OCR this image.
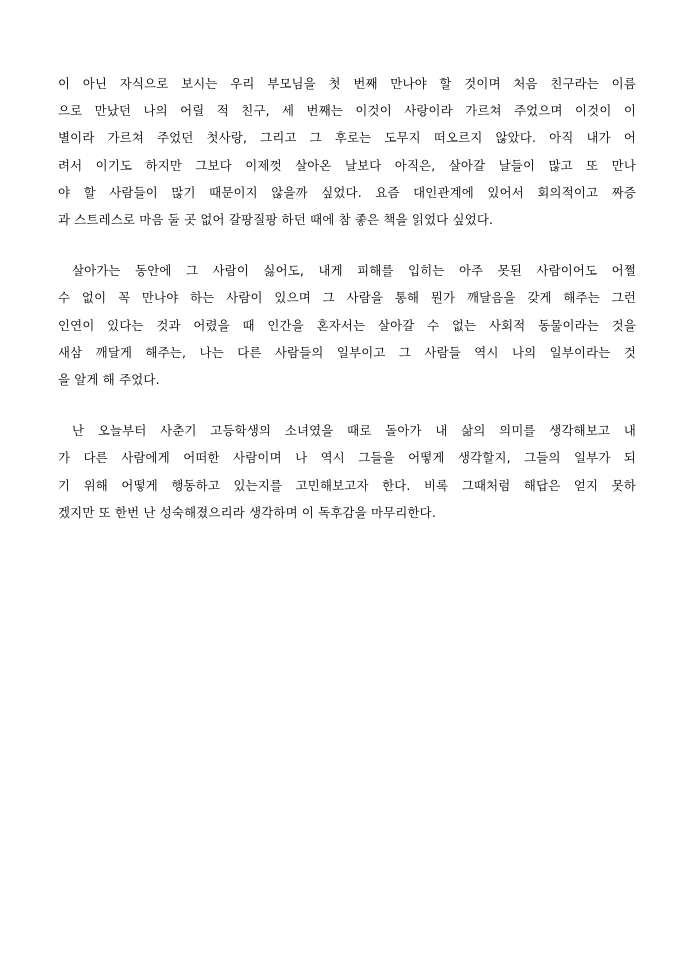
이 아닌 자식으로 보시는 우리 부모님을 첫 번째 만나야 할 것이며 처음 친구라는 이름
으로 만났던 나의 어릴 적 친구, 세 번째는 이것이 사랑이라 가르쳐 주었으며 이것이 이
별이라 가르쳐 주었던 첫사랑, 그리고 그 후로는 도무지 떠오르지 않았다. 아직 내가 어
려서 이기도 하지만 그보다 이제껏 살아온 날보다 아직은, 살아갈 날들이 많고 또 만나
야 할 사람들이 많기 때문이지 않을까 싶었다. 요즘 대인관계에 있어서 회의적이고 짜증
과 스트레스로 마음 둘 곳 없어 갈팡질팡 하던 때에 참 좋은 책을 읽었다 싶었다.

살아가는 동안에 그 사람이 싫어도, 내게 피해를 입히는 아주 못된 사람이어도 어쩔
수 없이 꼭 만나야 하는 사람이 있으며 그 사람을 통해 뭔가 깨달음을 갖게 해주는 그런
인연이 있다는 것과 어렸을 때 인간을 혼자서는 살아갈 수 없는 사회적 동물이라는 것을
새삼 깨달게 해주는, 나는 다른 사람들의 일부이고 그 사람들 역시 나의 일부이라는 것
을 알게 해 주었다.

난 오늘부터 사춘기 고등학생의 소녀였을 때로 돌아가 내 삶의 의미를 생각해보고 내
가 다른 사람에게 어떠한 사람이며 나 역시 그들을 어떻게 생각할지, 그들의 일부가 되
기 위해 어떻게 행동하고 있는지를 고민해보고자 한다. 비록 그때처럼 해답은 얻지 못하
겠지만 또 한번 난 성숙해졌으리라 생각하며 이 독후감을 마무리한다.
